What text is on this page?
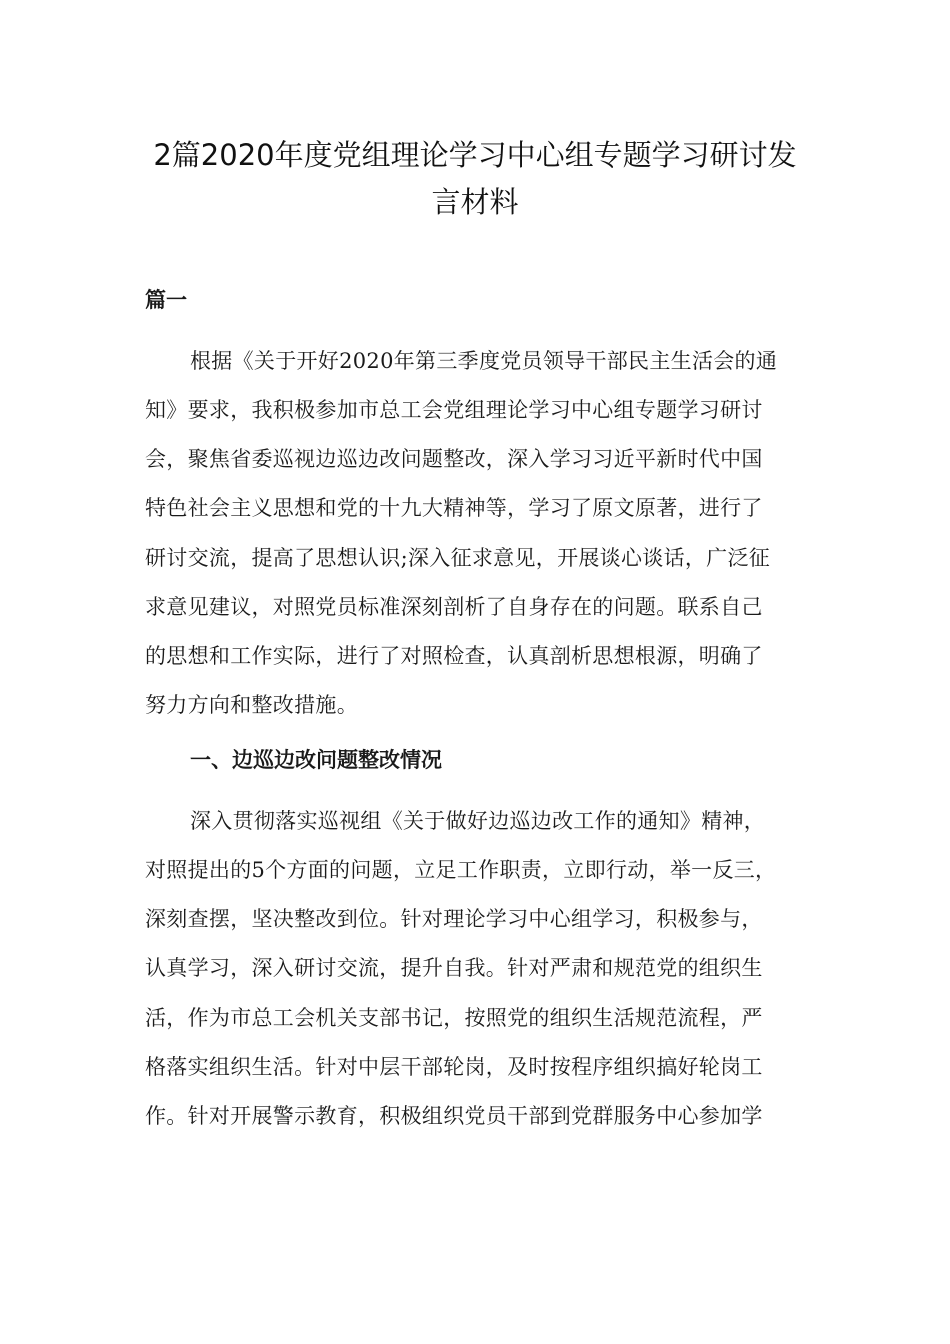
2篇2020年度党组理论学习中心组专题学习研讨发
言材料
篇一
根据《关于开好2020年第三季度党员领导干部民主生活会的通
知》要求，我积极参加市总工会党组理论学习中心组专题学习研讨
会，聚焦省委巡视边巡边改问题整改，深入学习习近平新时代中国
特色社会主义思想和党的十九大精神等，学习了原文原著，进行了
研讨交流，提高了思想认识;深入征求意见，开展谈心谈话，广泛征
求意见建议，对照党员标准深刻剖析了自身存在的问题。联系自己
的思想和工作实际，进行了对照检查，认真剖析思想根源，明确了
努力方向和整改措施。
一、边巡边改问题整改情况
深入贯彻落实巡视组《关于做好边巡边改工作的通知》精神，
对照提出的5个方面的问题，立足工作职责，立即行动，举一反三，
深刻查摆，坚决整改到位。针对理论学习中心组学习，积极参与，
认真学习，深入研讨交流，提升自我。针对严肃和规范党的组织生
活，作为市总工会机关支部书记，按照党的组织生活规范流程，严
格落实组织生活。针对中层干部轮岗，及时按程序组织搞好轮岗工
作。针对开展警示教育，积极组织党员干部到党群服务中心参加学
